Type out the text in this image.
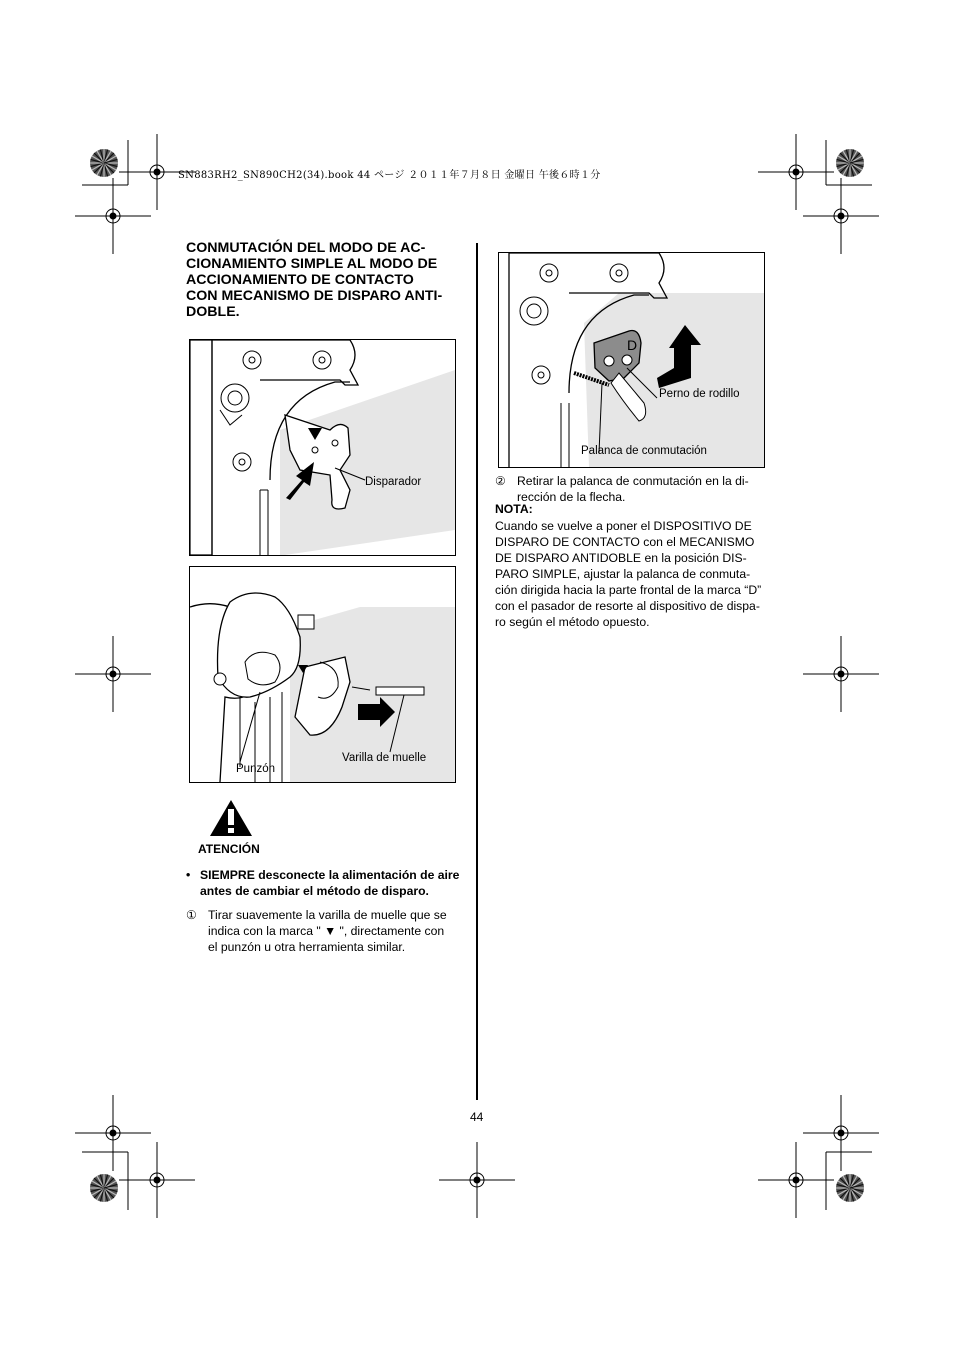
SN883RH2_SN890CH2(34).book 44 ページ ２０１１年７月８日 金曜日 午後６時１分
CONMUTACIÓN DEL MODO DE AC-
CIONAMIENTO SIMPLE AL MODO DE
ACCIONAMIENTO DE CONTACTO
CON MECANISMO DE DISPARO ANTI-
DOBLE.
Disparador
Varilla de muelle
Punzón
D
Perno de rodillo
Palanca de conmutación
ATENCIÓN
• SIEMPRE desconecte la alimentación de aire antes de cambiar el método de disparo.
① Tirar suavemente la varilla de muelle que se
indica con la marca " ▼ ", directamente con
el punzón u otra herramienta similar.
② Retirar la palanca de conmutación en la di-
rección de la flecha.
NOTA:
Cuando se vuelve a poner el DISPOSITIVO DE
DISPARO DE CONTACTO con el MECANISMO
DE DISPARO ANTIDOBLE en la posición DIS-
PARO SIMPLE, ajustar la palanca de conmuta-
ción dirigida hacia la parte frontal de la marca “D”
con el pasador de resorte al dispositivo de dispa-
ro según el método opuesto.
44
